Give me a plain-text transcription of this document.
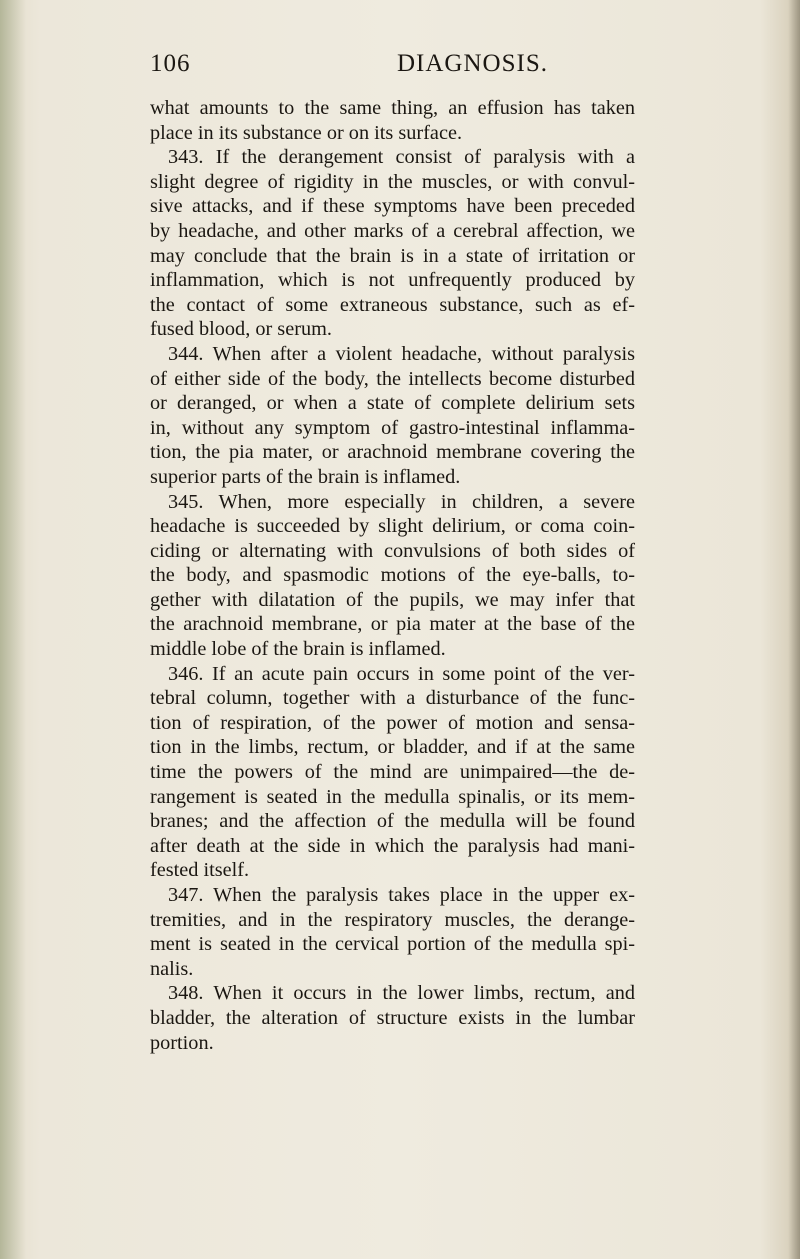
106	DIAGNOSIS.
what amounts to the same thing, an effusion has taken
place in its substance or on its surface.
343. If the derangement consist of paralysis with a
slight degree of rigidity in the muscles, or with convul-
sive attacks, and if these symptoms have been preceded
by headache, and other marks of a cerebral affection, we
may conclude that the brain is in a state of irritation or
inflammation, which is not unfrequently produced by
the contact of some extraneous substance, such as ef-
fused blood, or serum.
344. When after a violent headache, without paralysis
of either side of the body, the intellects become disturbed
or deranged, or when a state of complete delirium sets
in, without any symptom of gastro-intestinal inflamma-
tion, the pia mater, or arachnoid membrane covering the
superior parts of the brain is inflamed.
345. When, more especially in children, a severe
headache is succeeded by slight delirium, or coma coin-
ciding or alternating with convulsions of both sides of
the body, and spasmodic motions of the eye-balls, to-
gether with dilatation of the pupils, we may infer that
the arachnoid membrane, or pia mater at the base of the
middle lobe of the brain is inflamed.
346. If an acute pain occurs in some point of the ver-
tebral column, together with a disturbance of the func-
tion of respiration, of the power of motion and sensa-
tion in the limbs, rectum, or bladder, and if at the same
time the powers of the mind are unimpaired—the de-
rangement is seated in the medulla spinalis, or its mem-
branes; and the affection of the medulla will be found
after death at the side in which the paralysis had mani-
fested itself.
347. When the paralysis takes place in the upper ex-
tremities, and in the respiratory muscles, the derange-
ment is seated in the cervical portion of the medulla spi-
nalis.
348. When it occurs in the lower limbs, rectum, and
bladder, the alteration of structure exists in the lumbar
portion.
